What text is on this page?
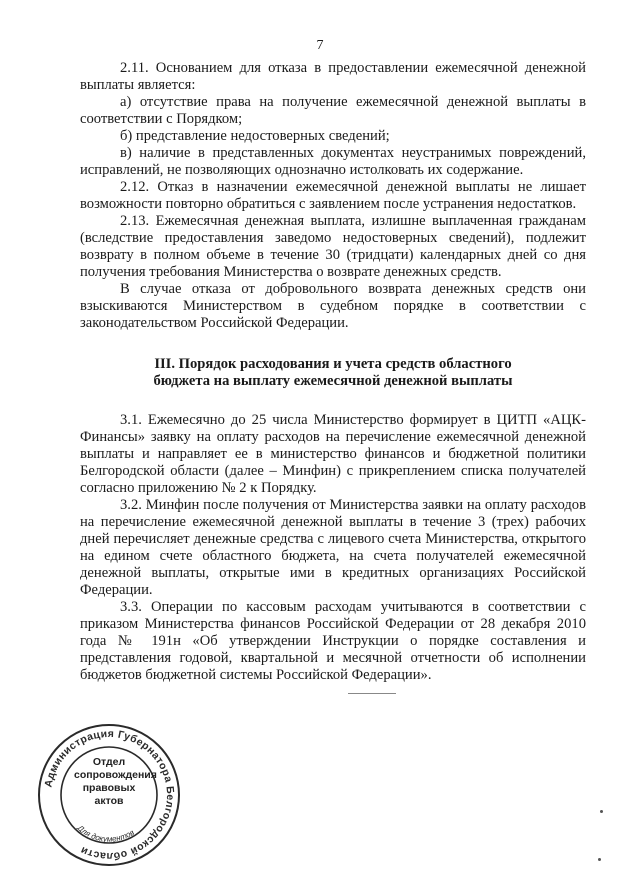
7

2.11. Основанием для отказа в предоставлении ежемесячной денежной выплаты является:

а) отсутствие права на получение ежемесячной денежной выплаты в соответствии с Порядком;

б) представление недостоверных сведений;

в) наличие в представленных документах неустранимых повреждений, исправлений, не позволяющих однозначно истолковать их содержание.

2.12. Отказ в назначении ежемесячной денежной выплаты не лишает возможности повторно обратиться с заявлением после устранения недостатков.

2.13. Ежемесячная денежная выплата, излишне выплаченная гражданам (вследствие предоставления заведомо недостоверных сведений), подлежит возврату в полном объеме в течение 30 (тридцати) календарных дней со дня получения требования Министерства о возврате денежных средств.

В случае отказа от добровольного возврата денежных средств они взыскиваются Министерством в судебном порядке в соответствии с законодательством Российской Федерации.

III. Порядок расходования и учета средств областного
бюджета на выплату ежемесячной денежной выплаты

3.1. Ежемесячно до 25 числа Министерство формирует в ЦИТП «АЦК-Финансы» заявку на оплату расходов на перечисление ежемесячной денежной выплаты и направляет ее в министерство финансов и бюджетной политики Белгородской области (далее – Минфин) с прикреплением списка получателей согласно приложению № 2 к Порядку.

3.2. Минфин после получения от Министерства заявки на оплату расходов на перечисление ежемесячной денежной выплаты в течение 3 (трех) рабочих дней перечисляет денежные средства с лицевого счета Министерства, открытого на едином счете областного бюджета, на счета получателей ежемесячной денежной выплаты, открытые ими в кредитных организациях Российской Федерации.

3.3. Операции по кассовым расходам учитываются в соответствии с приказом Министерства финансов Российской Федерации от 28 декабря 2010 года № 191н «Об утверждении Инструкции о порядке составления и представления годовой, квартальной и месячной отчетности об исполнении бюджетов бюджетной системы Российской Федерации».

Администрация Губернатора Белгородской области
Для документов
Отдел
сопровождения
правовых
актов
